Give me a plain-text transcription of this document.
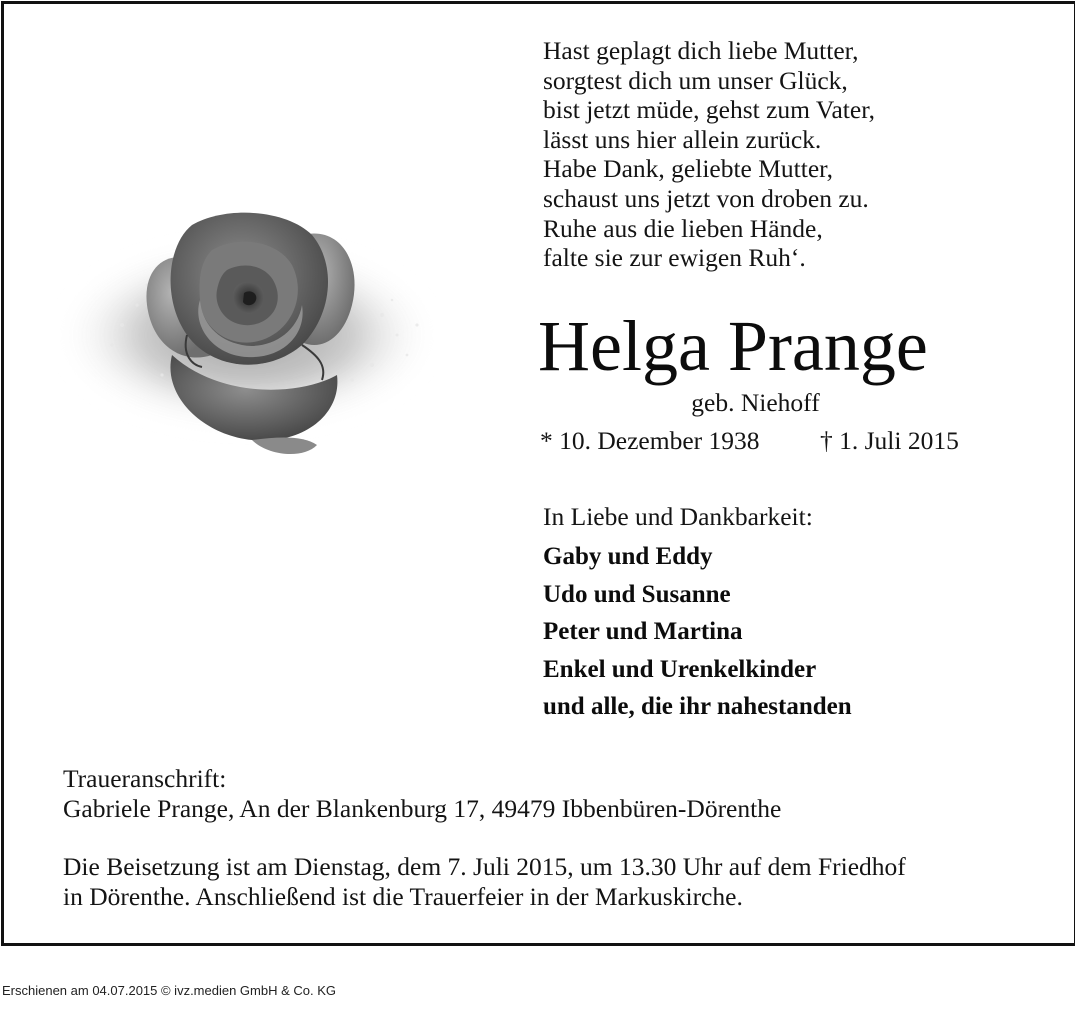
Hast geplagt dich liebe Mutter,
sorgtest dich um unser Glück,
bist jetzt müde, gehst zum Vater,
lässt uns hier allein zurück.
Habe Dank, geliebte Mutter,
schaust uns jetzt von droben zu.
Ruhe aus die lieben Hände,
falte sie zur ewigen Ruh‘.
Helga Prange
geb. Niehoff
* 10. Dezember 1938 † 1. Juli 2015
In Liebe und Dankbarkeit:
Gaby und Eddy
Udo und Susanne
Peter und Martina
Enkel und Urenkelkinder
und alle, die ihr nahestanden
Traueranschrift:
Gabriele Prange, An der Blankenburg 17, 49479 Ibbenbüren-Dörenthe
Die Beisetzung ist am Dienstag, dem 7. Juli 2015, um 13.30 Uhr auf dem Friedhof
in Dörenthe. Anschließend ist die Trauerfeier in der Markuskirche.
Erschienen am 04.07.2015 © ivz.medien GmbH & Co. KG
